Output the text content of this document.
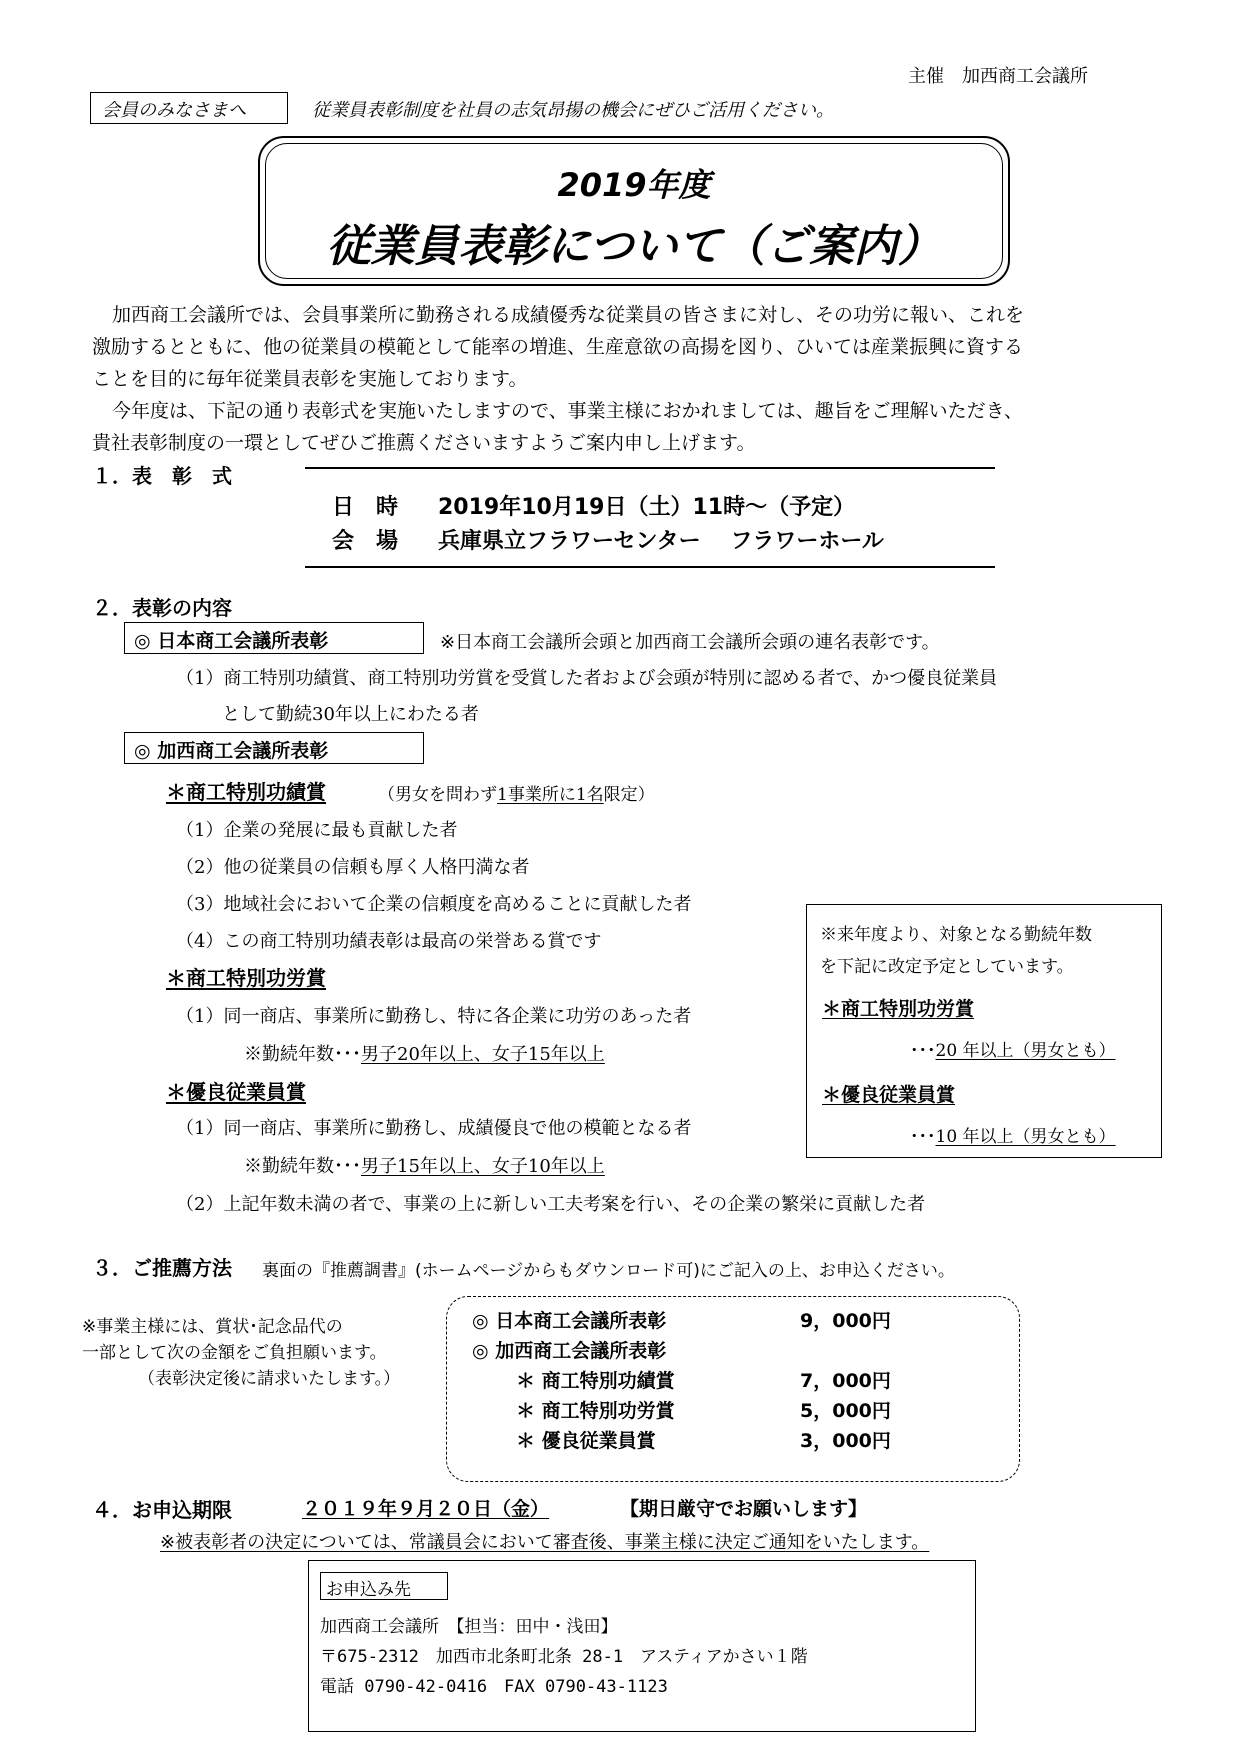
主催　加西商工会議所
会員のみなさまへ	従業員表彰制度を社員の志気昂揚の機会にぜひご活用ください。
2019年度
従業員表彰について（ご案内）
加西商工会議所では、会員事業所に勤務される成績優秀な従業員の皆さまに対し、その功労に報い、これを
激励するとともに、他の従業員の模範として能率の増進、生産意欲の高揚を図り、ひいては産業振興に資する
ことを目的に毎年従業員表彰を実施しております。
今年度は、下記の通り表彰式を実施いたしますので、事業主様におかれましては、趣旨をご理解いただき、
貴社表彰制度の一環としてぜひご推薦くださいますようご案内申し上げます。
１．表　彰　式
日　時 2019年10月19日（土）11時～（予定）
会　場 兵庫県立フラワーセンター　 フラワーホール
２．表彰の内容
◎ 日本商工会議所表彰	※日本商工会議所会頭と加西商工会議所会頭の連名表彰です。
（1）商工特別功績賞、商工特別功労賞を受賞した者および会頭が特別に認める者で、かつ優良従業員
として勤続30年以上にわたる者
◎ 加西商工会議所表彰
＊商工特別功績賞	（男女を問わず1事業所に1名限定）
（1）企業の発展に最も貢献した者
（2）他の従業員の信頼も厚く人格円満な者
（3）地域社会において企業の信頼度を高めることに貢献した者
（4）この商工特別功績表彰は最高の栄誉ある賞です
＊商工特別功労賞
（1）同一商店、事業所に勤務し、特に各企業に功労のあった者
※勤続年数･･･男子20年以上、女子15年以上
＊優良従業員賞
（1）同一商店、事業所に勤務し、成績優良で他の模範となる者
※勤続年数･･･男子15年以上、女子10年以上
（2）上記年数未満の者で、事業の上に新しい工夫考案を行い、その企業の繁栄に貢献した者
※来年度より、対象となる勤続年数
を下記に改定予定としています。
＊商工特別功労賞
･･･20 年以上（男女とも）
＊優良従業員賞
･･･10 年以上（男女とも）
３．ご推薦方法 裏面の『推薦調書』(ホームページからもダウンロード可)にご記入の上、お申込ください。
※事業主様には、賞状･記念品代の
一部として次の金額をご負担願います。
（表彰決定後に請求いたします。）
◎ 日本商工会議所表彰	9，000円
◎ 加西商工会議所表彰
＊ 商工特別功績賞	7，000円
＊ 商工特別功労賞	5，000円
＊ 優良従業員賞	3，000円
４．お申込期限	２０１９年９月２０日（金）	【期日厳守でお願いします】
※被表彰者の決定については、常議員会において審査後、事業主様に決定ご通知をいたします。
お申込み先
加西商工会議所　【担当：田中・浅田】
〒675-2312　加西市北条町北条 28-1　アスティアかさい１階
電話 0790-42-0416　FAX 0790-43-1123
